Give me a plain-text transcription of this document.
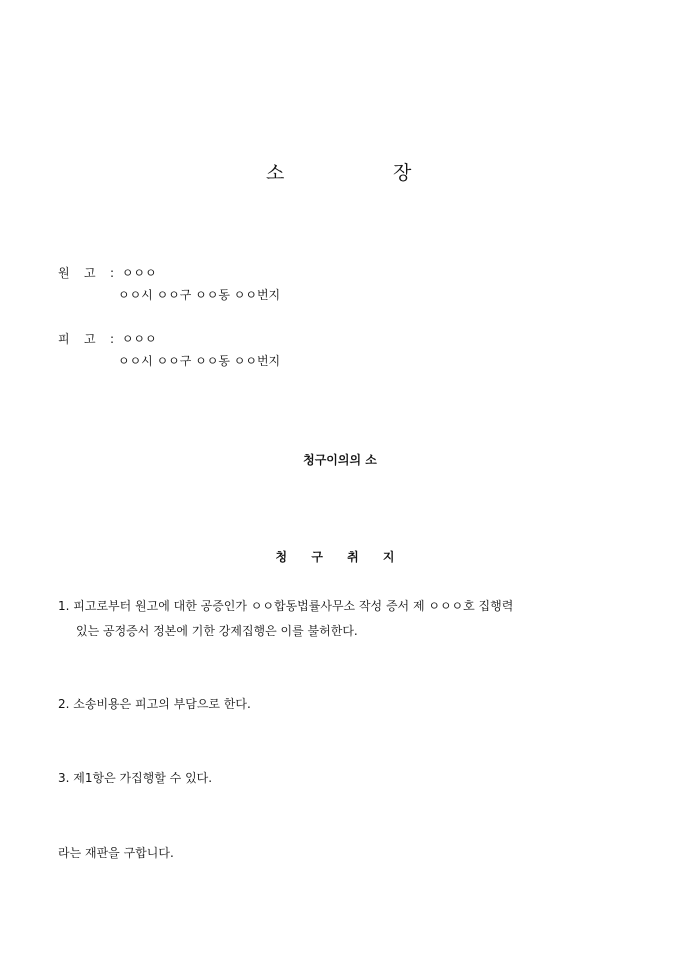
소	장
원 고 : ㅇㅇㅇ
ㅇㅇ시 ㅇㅇ구 ㅇㅇ동 ㅇㅇ번지
피 고 : ㅇㅇㅇ
ㅇㅇ시 ㅇㅇ구 ㅇㅇ동 ㅇㅇ번지
청구이의의 소
청 구 취 지
1. 피고로부터 원고에 대한 공증인가 ㅇㅇ합동법률사무소 작성 증서 제 ㅇㅇㅇ호 집행력
있는 공정증서 정본에 기한 강제집행은 이를 불허한다.
2. 소송비용은 피고의 부담으로 한다.
3. 제1항은 가집행할 수 있다.
라는 재판을 구합니다.
